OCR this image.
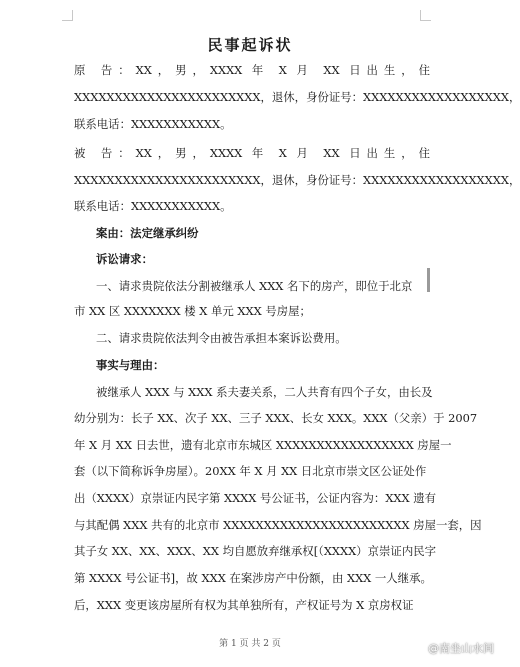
民事起诉状
原 告：XX，男，XXXX 年 X 月 XX 日出生，住
XXXXXXXXXXXXXXXXXXXXXXX，退休，身份证号：XXXXXXXXXXXXXXXXXX，
联系电话：XXXXXXXXXXX。
被 告：XX，男，XXXX 年 X 月 XX 日出生，住
XXXXXXXXXXXXXXXXXXXXXXX，退休，身份证号：XXXXXXXXXXXXXXXXXX，
联系电话：XXXXXXXXXXX。
案由：法定继承纠纷
诉讼请求：
一、请求贵院依法分割被继承人 XXX 名下的房产，即位于北京
市 XX 区 XXXXXXX 楼 X 单元 XXX 号房屋；
二、请求贵院依法判令由被告承担本案诉讼费用。
事实与理由：
被继承人 XXX 与 XXX 系夫妻关系，二人共育有四个子女，由长及
幼分别为：长子 XX、次子 XX、三子 XXX、长女 XXX。XXX（父亲）于 2007
年 X 月 XX 日去世，遗有北京市东城区 XXXXXXXXXXXXXXXXX 房屋一
套（以下简称诉争房屋）。20XX 年 X 月 XX 日北京市崇文区公证处作
出（XXXX）京崇证内民字第 XXXX 号公证书，公证内容为：XXX 遗有
与其配偶 XXX 共有的北京市 XXXXXXXXXXXXXXXXXXXXXXX 房屋一套，因
其子女 XX、XX、XXX、XX 均自愿放弃继承权[（XXXX）京崇证内民字
第 XXXX 号公证书]，故 XXX 在案涉房产中份额，由 XXX 一人继承。
后，XXX 变更该房屋所有权为其单独所有，产权证号为 X 京房权证
第 1 页 共 2 页	@南坐山水间
